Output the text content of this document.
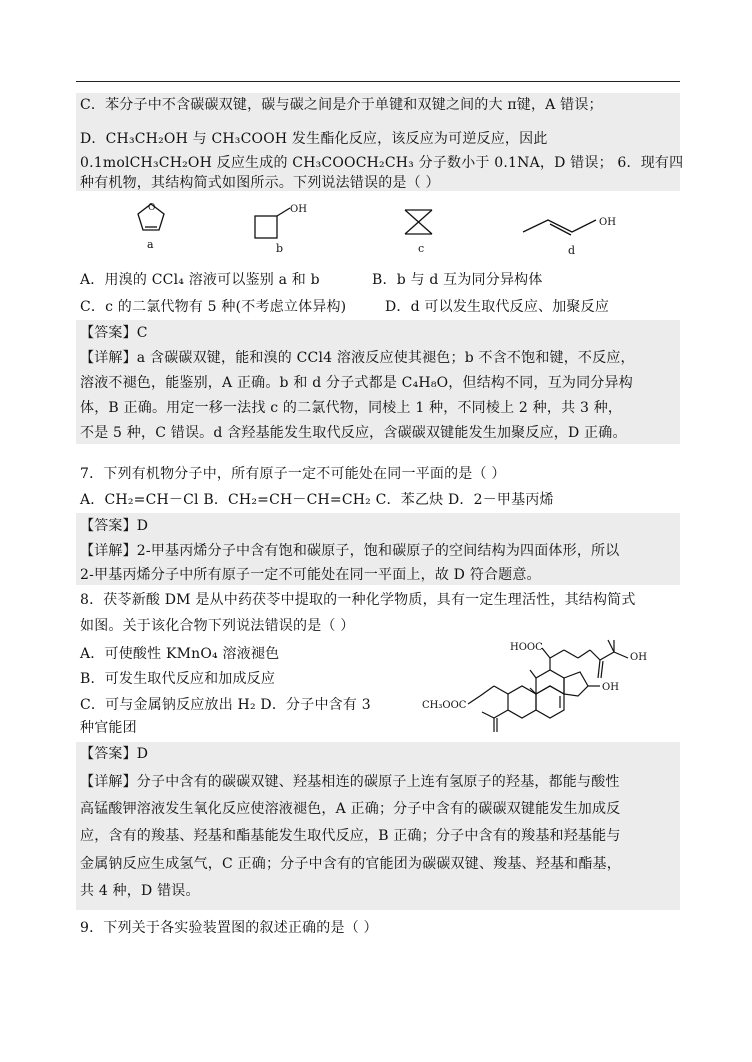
C．苯分子中不含碳碳双键，碳与碳之间是介于单键和双键之间的大 π键，A 错误；
D．CH₃CH₂OH 与 CH₃COOH 发生酯化反应，该反应为可逆反应，因此
0.1molCH₃CH₂OH 反应生成的 CH₃COOCH₂CH₃ 分子数小于 0.1NA，D 错误； 6．现有四
种有机物，其结构简式如图所示。下列说法错误的是（ ）
O
a
OH
b	c
OH
d
A．用溴的 CCl₄ 溶液可以鉴别 a 和 b	B．b 与 d 互为同分异构体
C．c 的二氯代物有 5 种(不考虑立体异构)	D．d 可以发生取代反应、加聚反应
【答案】C
【详解】a 含碳碳双键，能和溴的 CCl4 溶液反应使其褪色；b 不含不饱和键，不反应，
溶液不褪色，能鉴别，A 正确。b 和 d 分子式都是 C₄H₈O，但结构不同，互为同分异构
体，B 正确。用定一移一法找 c 的二氯代物，同棱上 1 种，不同棱上 2 种，共 3 种，
不是 5 种，C 错误。d 含羟基能发生取代反应，含碳碳双键能发生加聚反应，D 正确。
7．下列有机物分子中，所有原子一定不可能处在同一平面的是（ ）
A．CH₂=CH－Cl B．CH₂=CH－CH=CH₂ C．苯乙炔 D．2－甲基丙烯
【答案】D
【详解】2-甲基丙烯分子中含有饱和碳原子，饱和碳原子的空间结构为四面体形，所以
2-甲基丙烯分子中所有原子一定不可能处在同一平面上，故 D 符合题意。
8．茯苓新酸 DM 是从中药茯苓中提取的一种化学物质，具有一定生理活性，其结构简式
如图。关于该化合物下列说法错误的是（ ）
A．可使酸性 KMnO₄ 溶液褪色
B．可发生取代反应和加成反应
C．可与金属钠反应放出 H₂ D．分子中含有 3
种官能团
HOOC
OH
OH
CH₃OOC
【答案】D
【详解】分子中含有的碳碳双键、羟基相连的碳原子上连有氢原子的羟基，都能与酸性
高锰酸钾溶液发生氧化反应使溶液褪色，A 正确；分子中含有的碳碳双键能发生加成反
应，含有的羧基、羟基和酯基能发生取代反应，B 正确；分子中含有的羧基和羟基能与
金属钠反应生成氢气，C 正确；分子中含有的官能团为碳碳双键、羧基、羟基和酯基，
共 4 种，D 错误。
9．下列关于各实验装置图的叙述正确的是（ ）
